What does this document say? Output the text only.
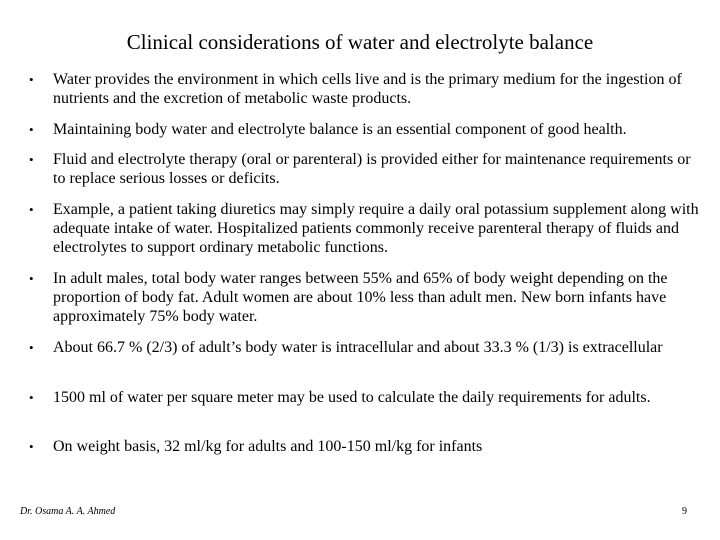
Clinical considerations of water and electrolyte balance
• Water provides the environment in which cells live and is the primary medium for the ingestion of nutrients and the excretion of metabolic waste products.
• Maintaining body water and electrolyte balance is an essential component of good health.
• Fluid and electrolyte therapy (oral or parenteral) is provided either for maintenance requirements or to replace serious losses or deficits.
• Example, a patient taking diuretics may simply require a daily oral potassium supplement along with adequate intake of water. Hospitalized patients commonly receive parenteral therapy of fluids and electrolytes to support ordinary metabolic functions.
• In adult males, total body water ranges between 55% and 65% of body weight depending on the proportion of body fat. Adult women are about 10% less than adult men. New born infants have approximately 75% body water.
• About 66.7 % (2/3) of adult’s body water is intracellular and about 33.3 % (1/3) is extracellular
• 1500 ml of water per square meter may be used to calculate the daily requirements for adults.
• On weight basis, 32 ml/kg for adults and 100-150 ml/kg for infants
Dr. Osama A. A. Ahmed	9
